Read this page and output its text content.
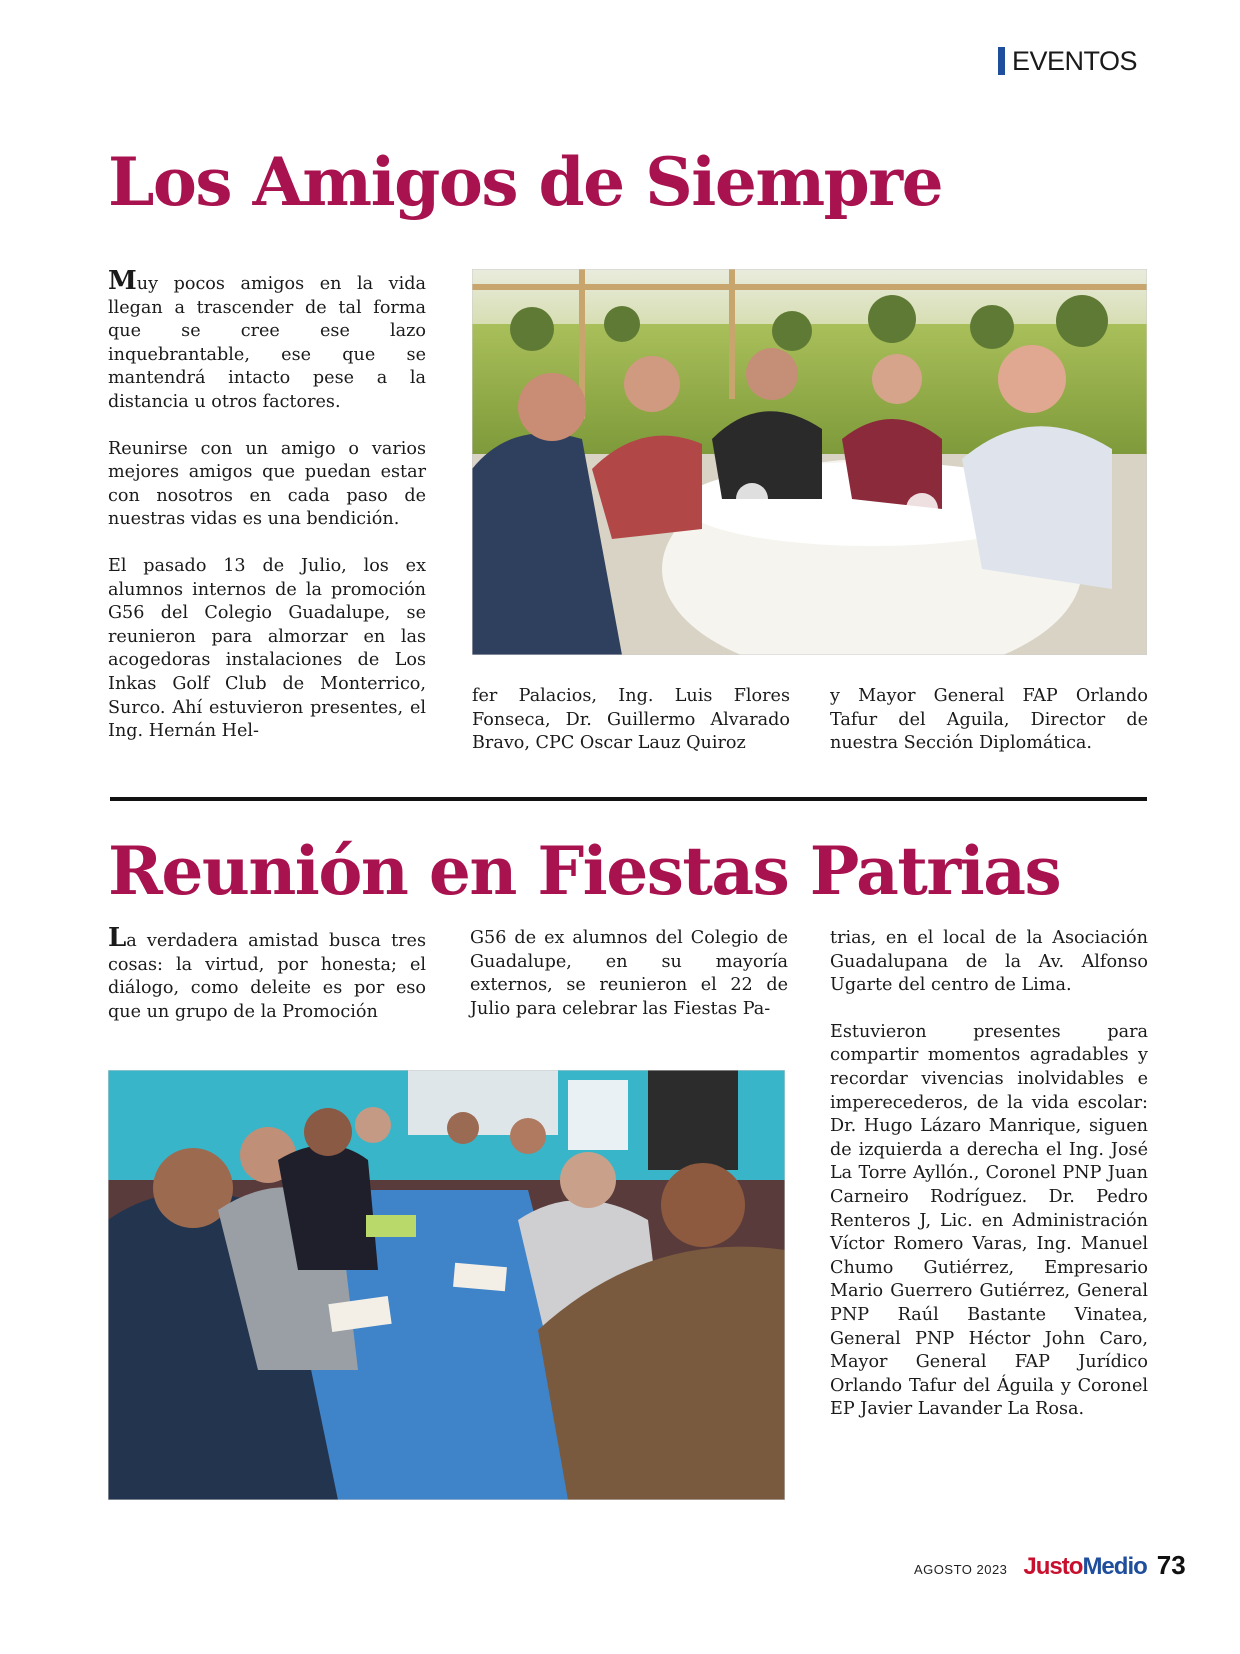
EVENTOS
Los Amigos de Siempre

Muy pocos amigos en la vida llegan a trascender de tal forma que se cree ese lazo inquebrantable, ese que se mantendrá intacto pese a la distancia u otros factores.

Reunirse con un amigo o varios mejores amigos que puedan estar con nosotros en cada paso de nuestras vidas es una bendición.

El pasado 13 de Julio, los ex alumnos internos de la promoción G56 del Colegio Guadalupe, se reunieron para almorzar en las acogedoras instalaciones de Los Inkas Golf Club de Monterrico, Surco. Ahí estuvieron presentes, el Ing. Hernán Hel-

fer Palacios, Ing. Luis Flores Fonseca, Dr. Guillermo Alvarado Bravo, CPC Oscar Lauz Quiroz

y Mayor General FAP Orlando Tafur del Aguila, Director de nuestra Sección Diplomática.

Reunión en Fiestas Patrias

La verdadera amistad busca tres cosas: la virtud, por honesta; el diálogo, como deleite es por eso que un grupo de la Promoción

G56 de ex alumnos del Colegio de Guadalupe, en su mayoría externos, se reunieron el 22 de Julio para celebrar las Fiestas Pa-

trias, en el local de la Asociación Guadalupana de la Av. Alfonso Ugarte del centro de Lima.

Estuvieron presentes para compartir momentos agradables y recordar vivencias inolvidables e imperecederos, de la vida escolar: Dr. Hugo Lázaro Manrique, siguen de izquierda a derecha el Ing. José La Torre Ayllón., Coronel PNP Juan Carneiro Rodríguez. Dr. Pedro Renteros J, Lic. en Administración Víctor Romero Varas, Ing. Manuel Chumo Gutiérrez, Empresario Mario Guerrero Gutiérrez, General PNP Raúl Bastante Vinatea, General PNP Héctor John Caro, Mayor General FAP Jurídico Orlando Tafur del Águila y Coronel EP Javier Lavander La Rosa.

AGOSTO 2023 Justo Medio 73
